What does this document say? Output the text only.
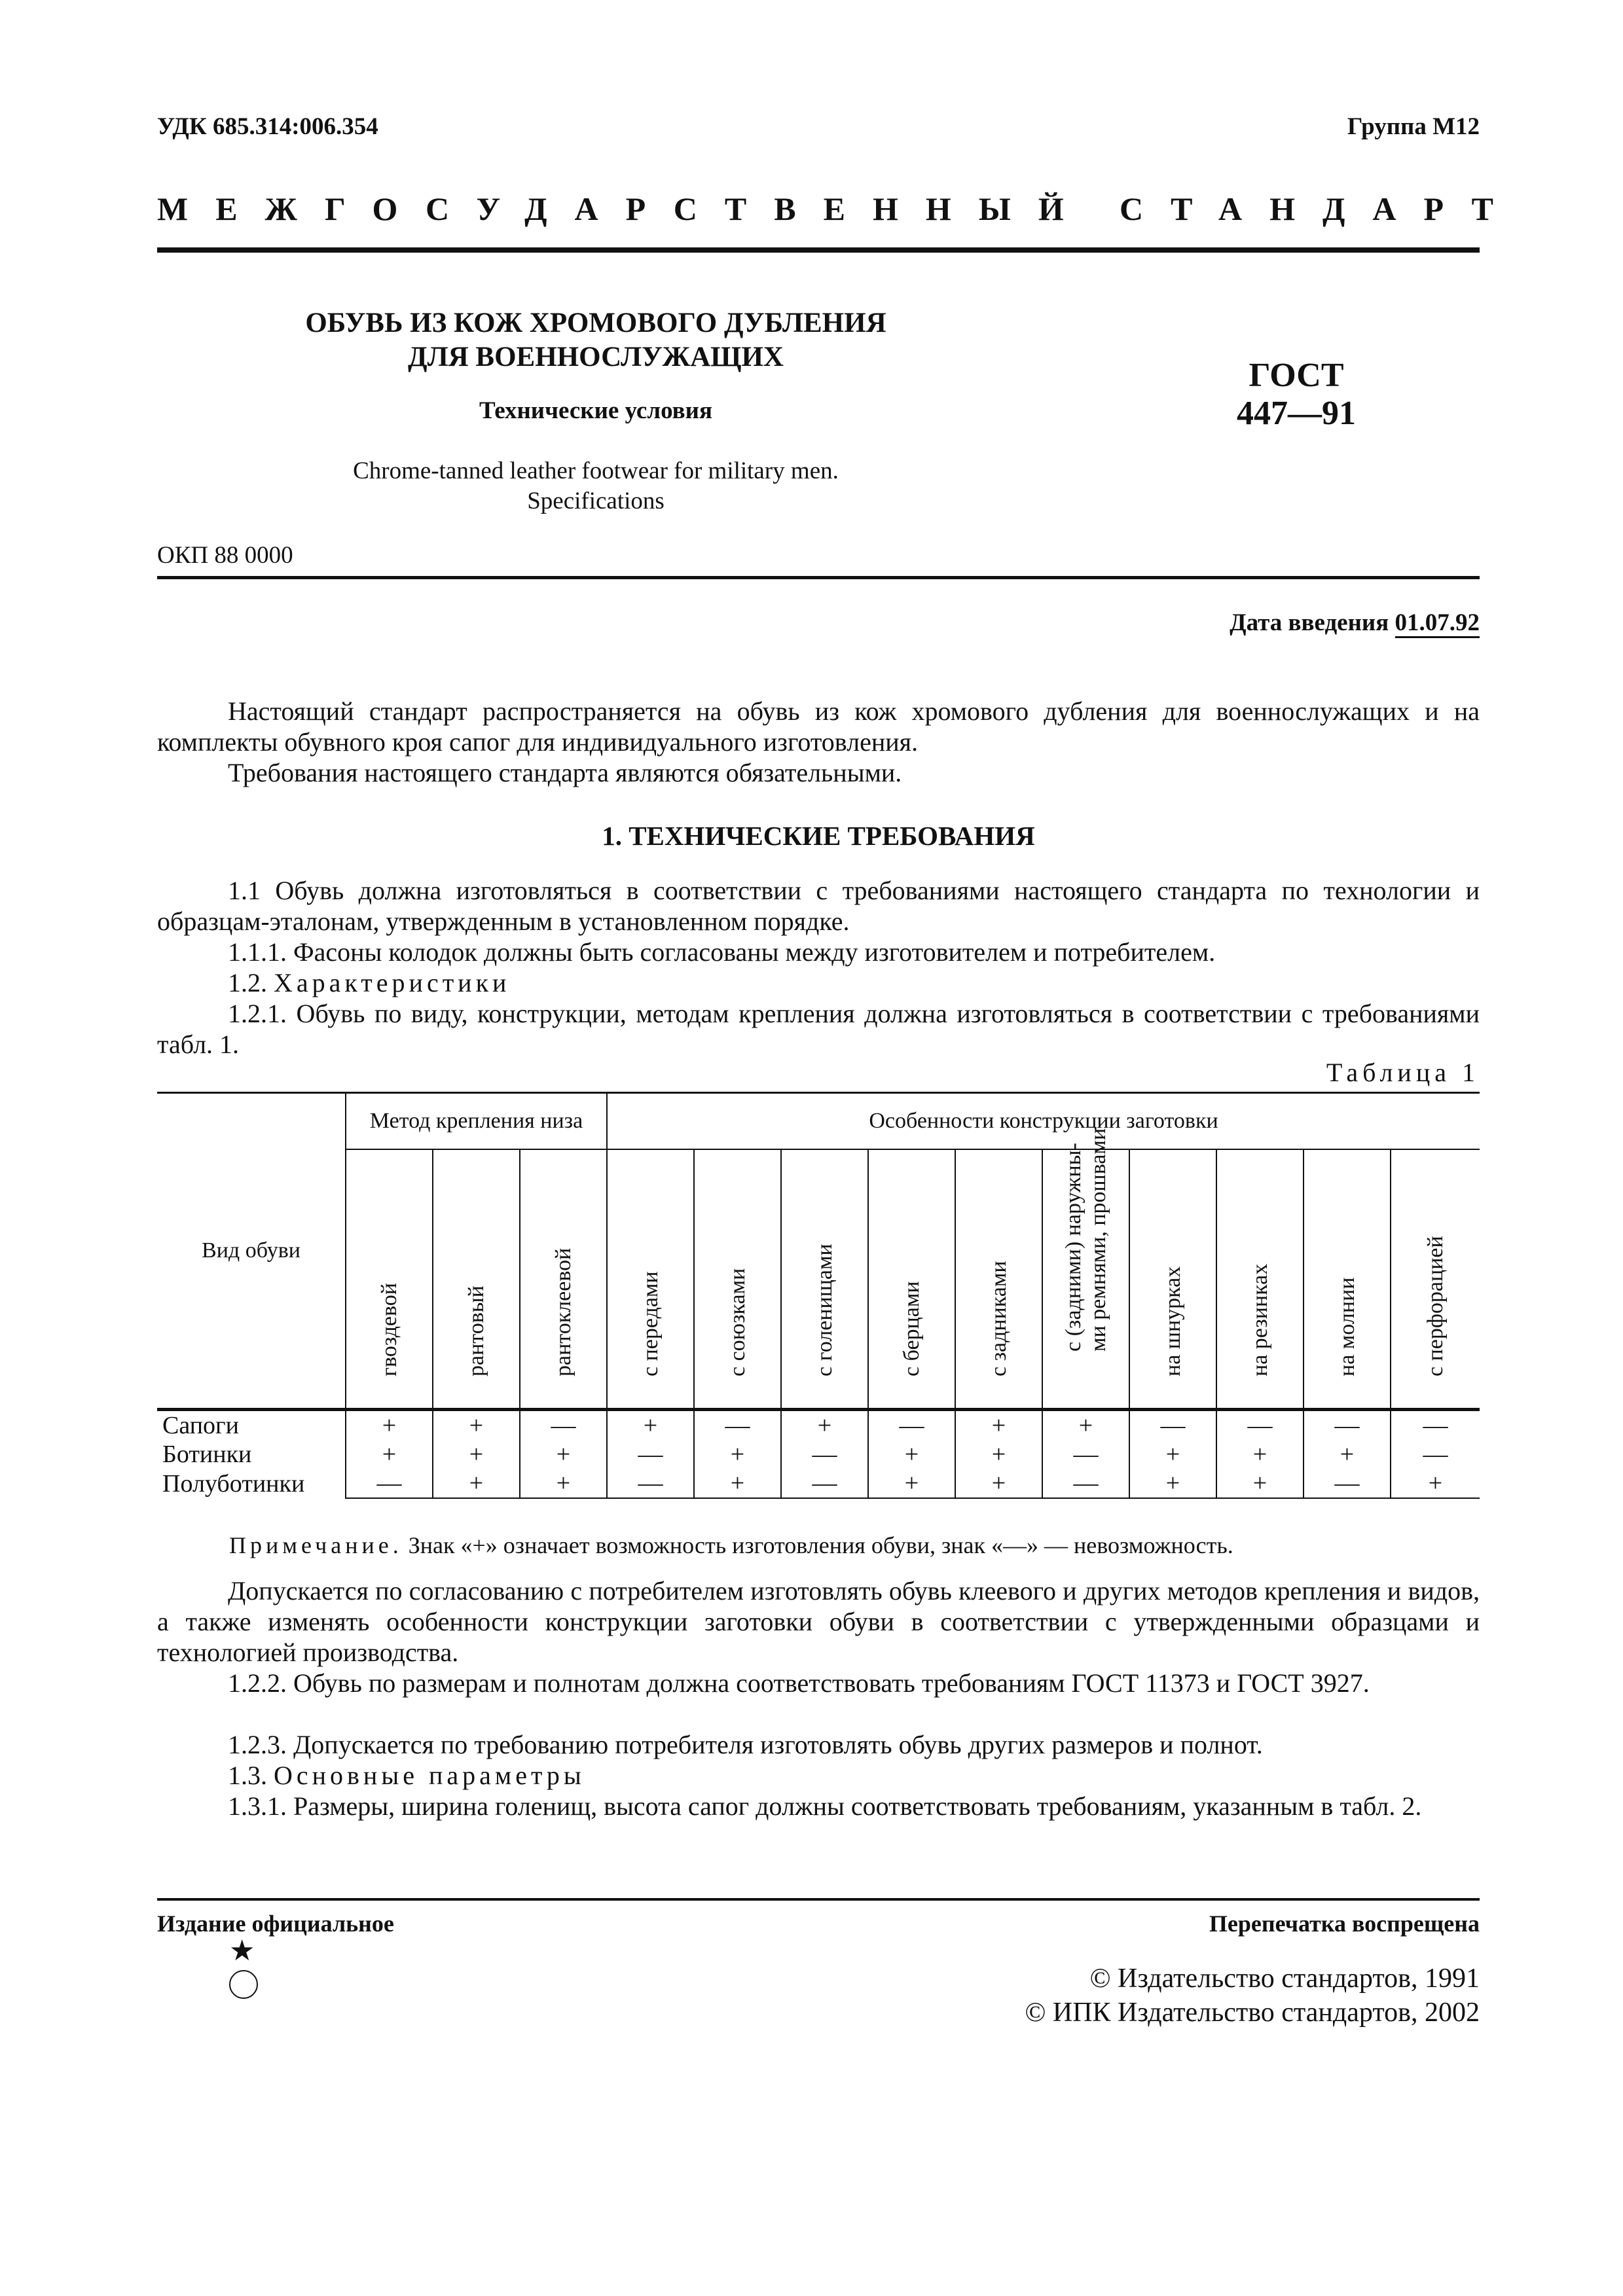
УДК 685.314:006.354	Группа М12
МЕЖГОСУДАРСТВЕННЫЙ СТАНДАРТ
ОБУВЬ ИЗ КОЖ ХРОМОВОГО ДУБЛЕНИЯ
ДЛЯ ВОЕННОСЛУЖАЩИХ
Технические условия
Chrome-tanned leather footwear for military men.
Specifications
ГОСТ
447—91
ОКП 88 0000
Дата введения 01.07.92
Настоящий стандарт распространяется на обувь из кож хромового дубления для военнослужащих и на комплекты обувного кроя сапог для индивидуального изготовления.
Требования настоящего стандарта являются обязательными.
1. ТЕХНИЧЕСКИЕ ТРЕБОВАНИЯ
1.1 Обувь должна изготовляться в соответствии с требованиями настоящего стандарта по технологии и образцам-эталонам, утвержденным в установленном порядке.
1.1.1. Фасоны колодок должны быть согласованы между изготовителем и потребителем.
1.2. Характеристики
1.2.1. Обувь по виду, конструкции, методам крепления должна изготовляться в соответствии с требованиями табл. 1.
Таблица 1
Вид обуви	Метод крепления низа			Особенности конструкции заготовки									

	гвоздевой	рантовый	рантоклеевой	с передами	с союзками	с голенищами	с берцами	с задниками	с (задними) наружны- ми ремнями, прошвами	на шнурках	на резинках	на молнии	с перфорацией

Сапоги	+	+	—	+	—	+	—	+	+	—	—	—	—
Ботинки	+	+	+	—	+	—	+	+	—	+	+	+	—
Полуботинки	—	+	+	—	+	—	+	+	—	+	+	—	+
Примечание. Знак «+» означает возможность изготовления обуви, знак «—» — невозможность.
Допускается по согласованию с потребителем изготовлять обувь клеевого и других методов крепления и видов, а также изменять особенности конструкции заготовки обуви в соответствии с утвержденными образцами и технологией производства.
1.2.2. Обувь по размерам и полнотам должна соответствовать требованиям ГОСТ 11373 и ГОСТ 3927.
1.2.3. Допускается по требованию потребителя изготовлять обувь других размеров и полнот.
1.3. Основные параметры
1.3.1. Размеры, ширина голенищ, высота сапог должны соответствовать требованиям, указанным в табл. 2.
Издание официальное	Перепечатка воспрещена
★
© Издательство стандартов, 1991
© ИПК Издательство стандартов, 2002
